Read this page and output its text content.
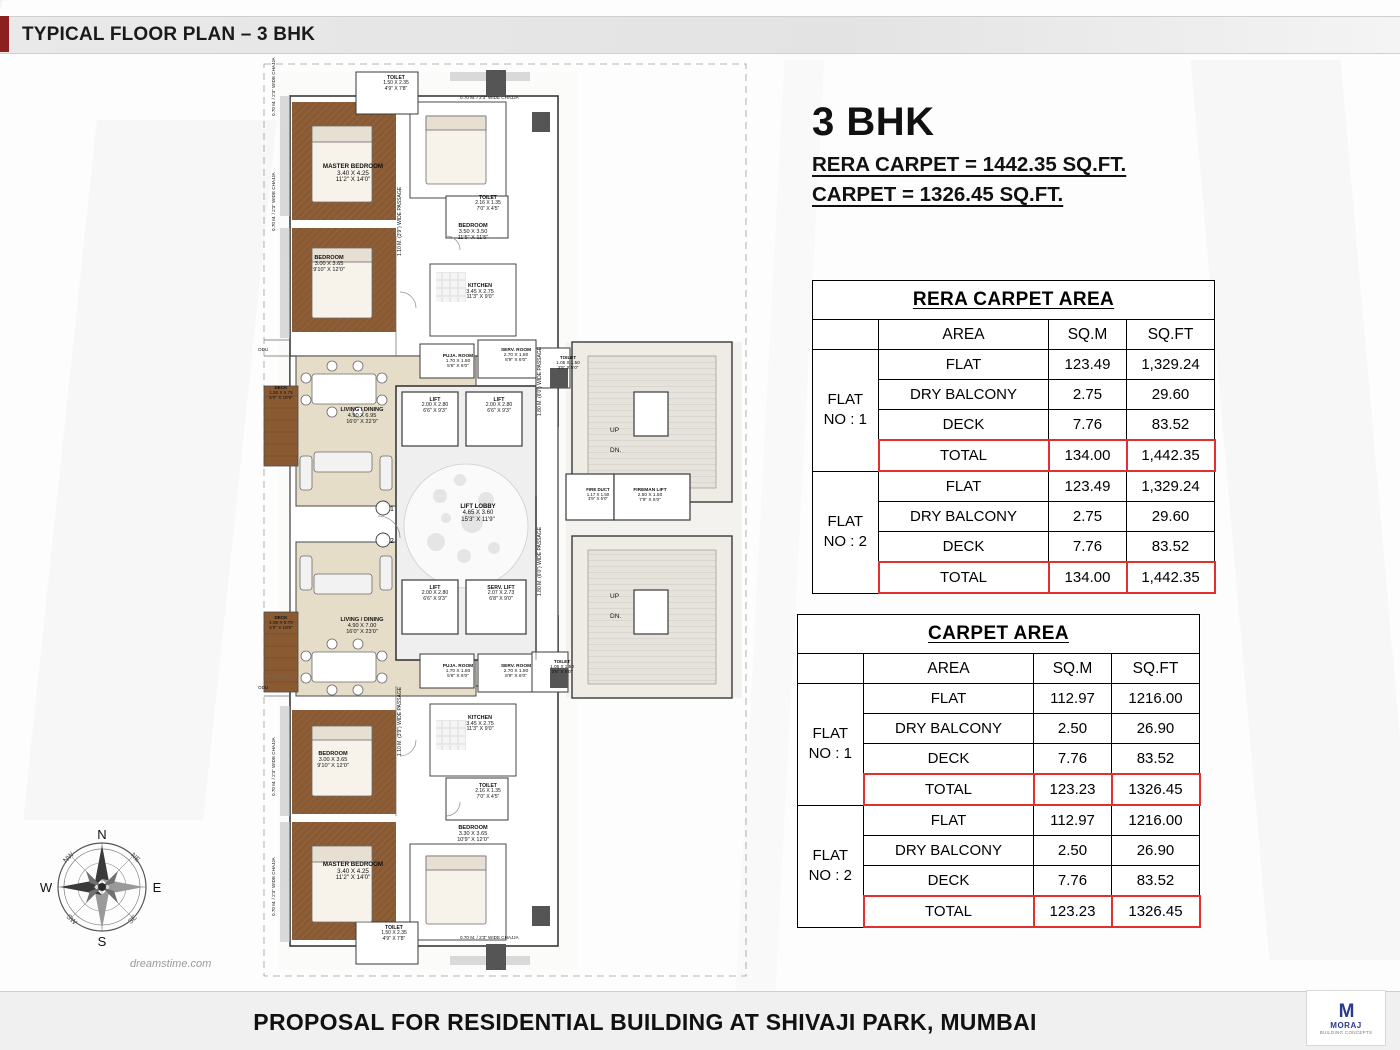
TYPICAL FLOOR PLAN – 3 BHK
MASTER BEDROOM
3.40 X 4.25
11'2" X 14'0"
BEDROOM
3.50 X 3.50
11'5" X 11'5"
BEDROOM
3.00 X 3.65
9'10" X 12'0"
TOILET
2.16 X 1.35
7'0" X 4'5"
TOILET
1.50 X 2.35
4'9" X 7'8"
KITCHEN
3.45 X 2.75
11'3" X 9'0"
LIVING / DINING
4.90 X 6.95
16'0" X 22'9"
LIVING / DINING
4.90 X 7.00
16'0" X 23'0"
LIFT LOBBY
4.65 X 3.60
15'3" X 11'9"
LIFT
2.00 X 2.80
6'6" X 9'3"
LIFT
2.00 X 2.80
6'6" X 9'3"
LIFT
2.00 X 2.80
6'6" X 9'3"
SERV. LIFT
2.07 X 2.73
6'8" X 9'0"
PUJA. ROOM
1.70 X 1.80
5'6" X 6'0"
SERV. ROOM
2.70 X 1.80
8'9" X 6'0"
PUJA. ROOM
1.70 X 1.80
5'6" X 6'0"
SERV. ROOM
2.70 X 1.80
8'9" X 6'0"
TOILET
1.05 X 1.50
3'5" X 5'0"
TOILET
1.05 X 1.50
3'5" X 5'0"
FIRE DUCT
1.17 X 1.50
3'9" X 5'0"
FIREMAN LIFT
2.50 X 1.50
7'9" X 5'0"
KITCHEN
3.45 X 2.75
11'3" X 9'0"
BEDROOM
3.00 X 3.65
9'10" X 12'0"
MASTER BEDROOM
3.40 X 4.25
11'2" X 14'0"
BEDROOM
3.30 X 3.65
10'9" X 12'0"
TOILET
2.16 X 1.35
7'0" X 4'5"
TOILET
1.50 X 2.35
4'9" X 7'8"
DECK
1.50 X 5.75
5'0" X 18'9"
DECK
1.50 X 5.75
5'0" X 18'9"
0.70 M. / 2'3" WIDE CHAJJA
0.70 M. / 2'3" WIDE CHAJJA
0.70 M. / 2'3" WIDE CHAJJA
0.70 M. / 2'3" WIDE CHAJJA
0.70 M. / 2'3" WIDE CHAJJA
0.70 M. / 2'3" WIDE CHAJJA
1.10 M. (3'9") WIDE PASSAGE
1.10 M. (3'9") WIDE PASSAGE
1.80 M. (6'0") WIDE PASSAGE
1.80 M. (6'0") WIDE PASSAGE
UP
DN.
UP
DN.
ODU
ODU
1
2
N
S
E
W
NE
NW
SE
SW
dreamstime.com
3 BHK
RERA CARPET = 1442.35 SQ.FT.
CARPET = 1326.45 SQ.FT.
RERA CARPET AREA			
	AREA	SQ.M	SQ.FT
FLAT
NO : 1	FLAT	123.49	1,329.24
	DRY BALCONY	2.75	29.60
	DECK	7.76	83.52
	TOTAL	134.00	1,442.35
FLAT
NO : 2	FLAT	123.49	1,329.24
	DRY BALCONY	2.75	29.60
	DECK	7.76	83.52
	TOTAL	134.00	1,442.35
CARPET AREA			
	AREA	SQ.M	SQ.FT
FLAT
NO : 1	FLAT	112.97	1216.00
	DRY BALCONY	2.50	26.90
	DECK	7.76	83.52
	TOTAL	123.23	1326.45
FLAT
NO : 2	FLAT	112.97	1216.00
	DRY BALCONY	2.50	26.90
	DECK	7.76	83.52
	TOTAL	123.23	1326.45
PROPOSAL FOR RESIDENTIAL BUILDING AT SHIVAJI PARK, MUMBAI	M
MORAJ
BUILDING CONCEPTS
